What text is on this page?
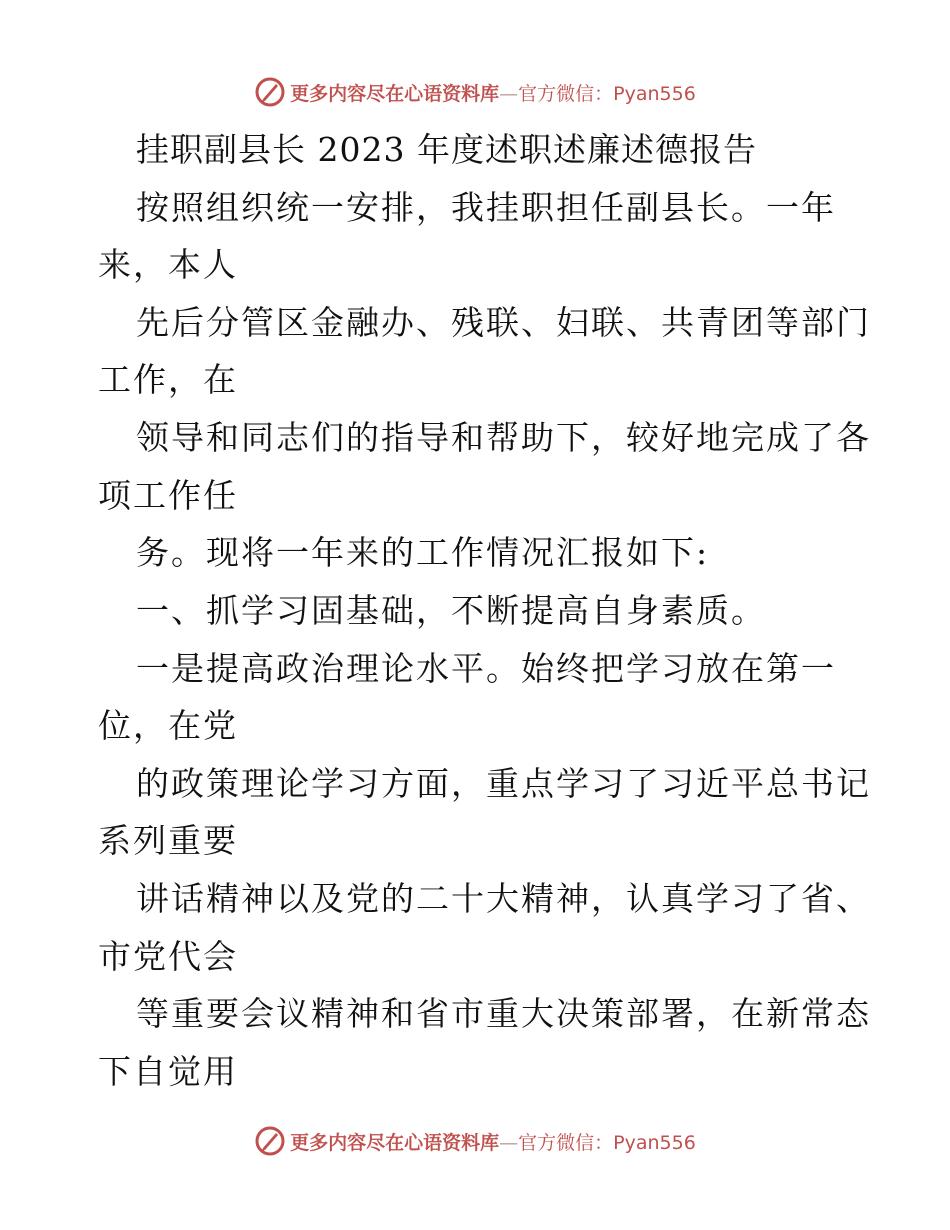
更多内容尽在心语资料库—官方微信：Pyan556
挂职副县长 2023 年度述职述廉述德报告
按照组织统一安排，我挂职担任副县长。一年
来，本人
先后分管区金融办、残联、妇联、共青团等部门
工作，在
领导和同志们的指导和帮助下，较好地完成了各
项工作任
务。现将一年来的工作情况汇报如下:
一、抓学习固基础，不断提高自身素质。
一是提高政治理论水平。始终把学习放在第一
位，在党
的政策理论学习方面，重点学习了习近平总书记
系列重要
讲话精神以及党的二十大精神，认真学习了省、
市党代会
等重要会议精神和省市重大决策部署，在新常态
下自觉用
更多内容尽在心语资料库—官方微信：Pyan556
